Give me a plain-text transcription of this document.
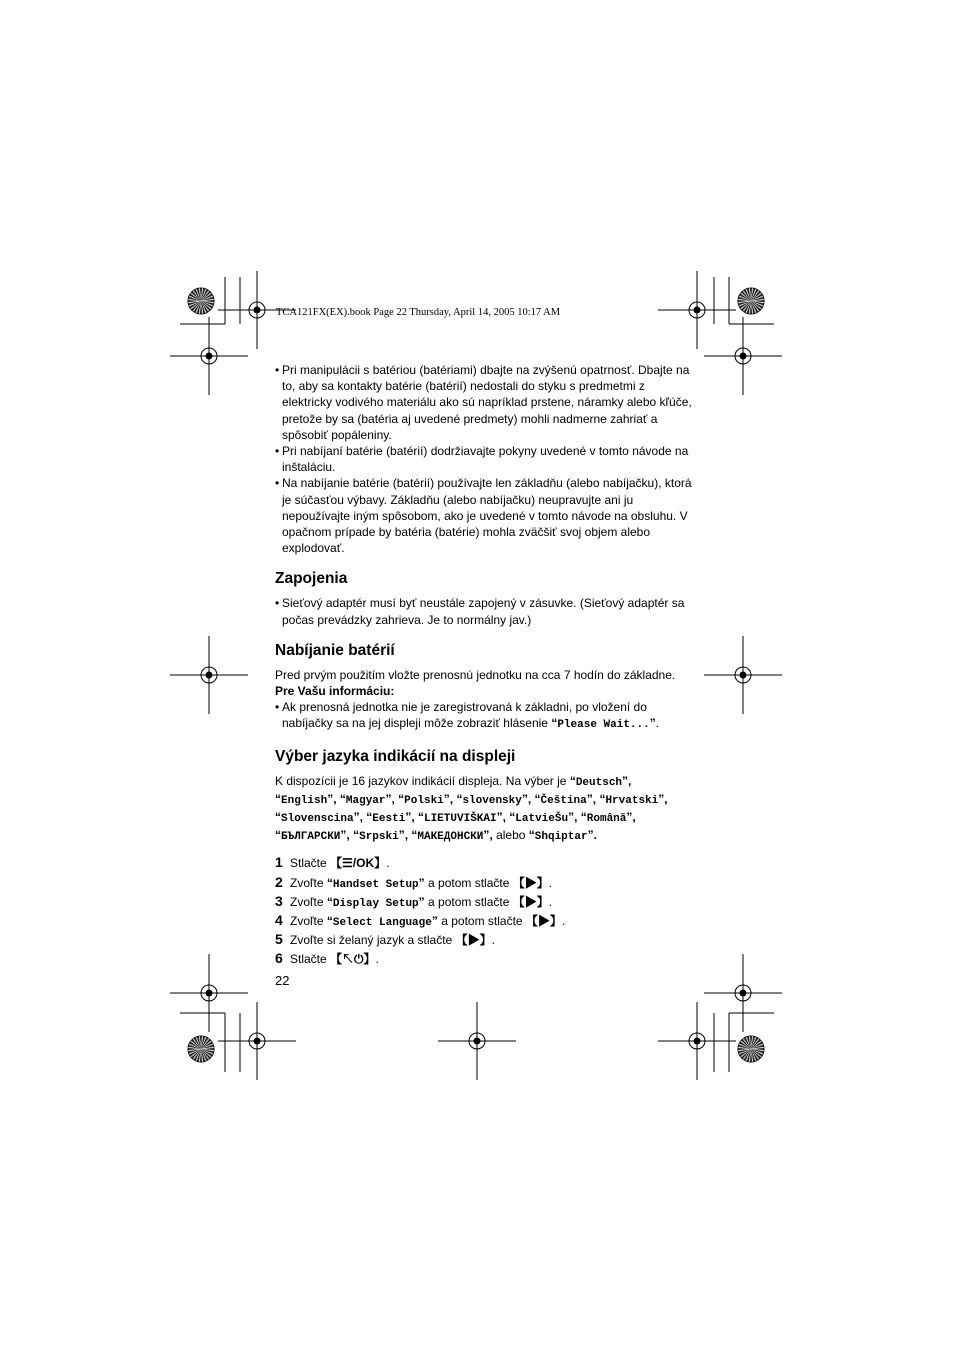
TCA121FX(EX).book Page 22 Thursday, April 14, 2005 10:17 AM
• Pri manipulácii s batériou (batériami) dbajte na zvýšenú opatrnosť. Dbajte na to, aby sa kontakty batérie (batérií) nedostali do styku s predmetmi z elektricky vodivého materiálu ako sú napríklad prstene, náramky alebo kľúče, pretože by sa (batéria aj uvedené predmety) mohli nadmerne zahriať a spôsobiť popáleniny.
• Pri nabíjaní batérie (batérií) dodržiavajte pokyny uvedené v tomto návode na inštaláciu.
• Na nabíjanie batérie (batérií) používajte len základňu (alebo nabíjačku), ktorá je súčasťou výbavy. Základňu (alebo nabíjačku) neupravujte ani ju nepoužívajte iným spôsobom, ako je uvedené v tomto návode na obsluhu. V opačnom prípade by batéria (batérie) mohla zväčšiť svoj objem alebo explodovať.
Zapojenia
• Sieťový adaptér musí byť neustále zapojený v zásuvke. (Sieťový adaptér sa počas prevádzky zahrieva. Je to normálny jav.)
Nabíjanie batérií

Pred prvým použitím vložte prenosnú jednotku na cca 7 hodín do základne.

Pre Vašu informáciu:

• Ak prenosná jednotka nie je zaregistrovaná k základni, po vložení do nabíjačky sa na jej displeji môže zobraziť hlásenie “Please Wait...”.
Výber jazyka indikácií na displeji

K dispozícii je 16 jazykov indikácií displeja. Na výber je “Deutsch”, “English”, “Magyar”, “Polski”, “slovensky”, “Čeština”, “Hrvatski”, “Slovenscina”, “Eesti”, “LIETUVIŠKAI”, “LatvieŠu”, “Română”, “БЪЛГАРСКИ”, “Srpski”, “МАКЕДОНСКИ”, alebo “Shqiptar”.

1 Stlačte 【☰/OK】.
2 Zvoľte “Handset Setup” a potom stlačte 【▶】.
3 Zvoľte “Display Setup” a potom stlačte 【▶】.
4 Zvoľte “Select Language” a potom stlačte 【▶】.
5 Zvoľte si želaný jazyk a stlačte 【▶】.
6 Stlačte 【↖⏻】.
22
